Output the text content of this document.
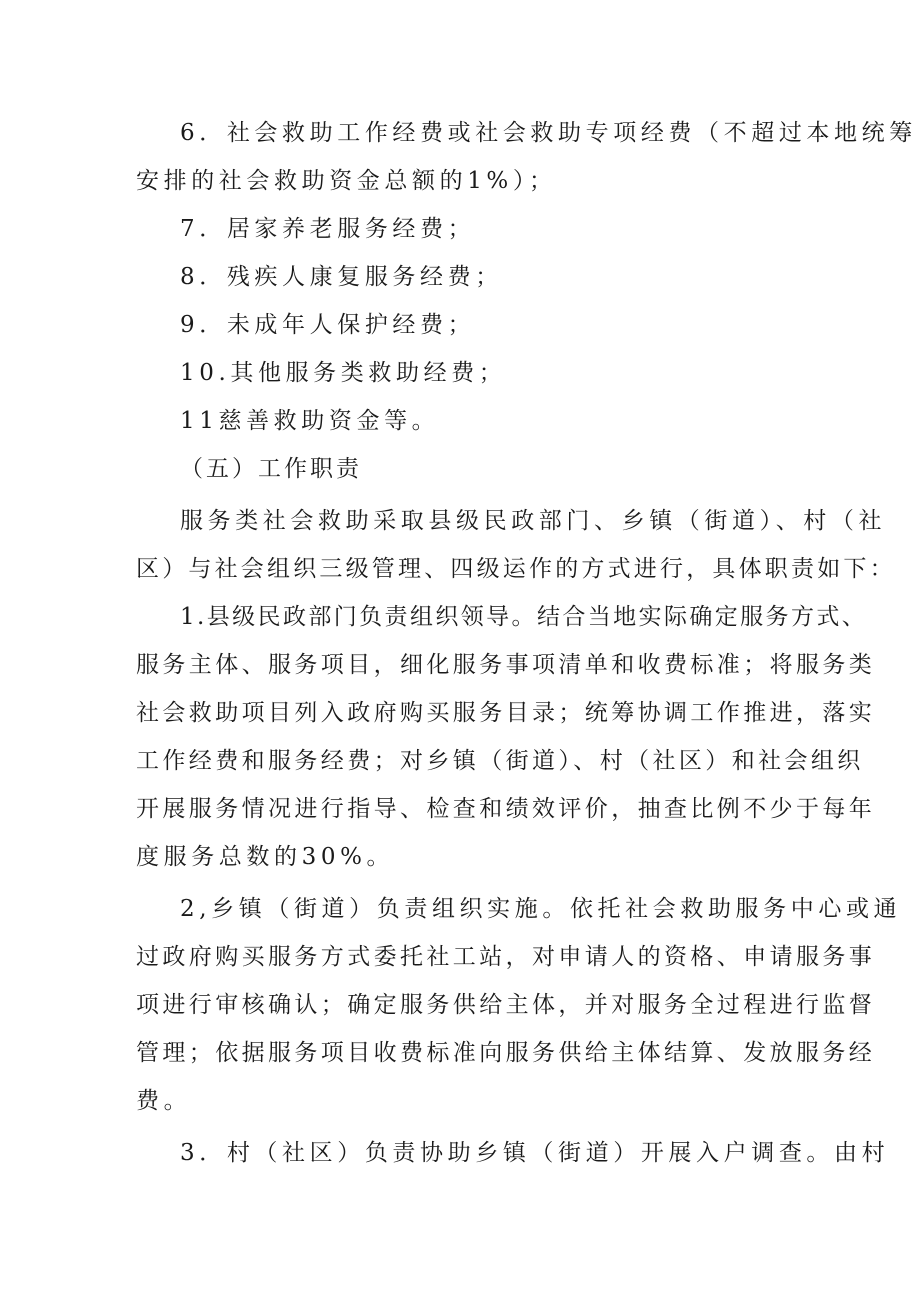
6．社会救助工作经费或社会救助专项经费（不超过本地统筹
安排的社会救助资金总额的1%）；
7．居家养老服务经费；
8．残疾人康复服务经费；
9．未成年人保护经费；
10.其他服务类救助经费；
11慈善救助资金等。
（五）工作职责
服务类社会救助采取县级民政部门、乡镇（街道）、村（社
区）与社会组织三级管理、四级运作的方式进行，具体职责如下：
1.县级民政部门负责组织领导。结合当地实际确定服务方式、
服务主体、服务项目，细化服务事项清单和收费标准；将服务类
社会救助项目列入政府购买服务目录；统筹协调工作推进，落实
工作经费和服务经费；对乡镇（街道）、村（社区）和社会组织
开展服务情况进行指导、检查和绩效评价，抽查比例不少于每年
度服务总数的30%。
2,乡镇（街道）负责组织实施。依托社会救助服务中心或通
过政府购买服务方式委托社工站，对申请人的资格、申请服务事
项进行审核确认；确定服务供给主体，并对服务全过程进行监督
管理；依据服务项目收费标准向服务供给主体结算、发放服务经
费。
3．村（社区）负责协助乡镇（街道）开展入户调查。由村
